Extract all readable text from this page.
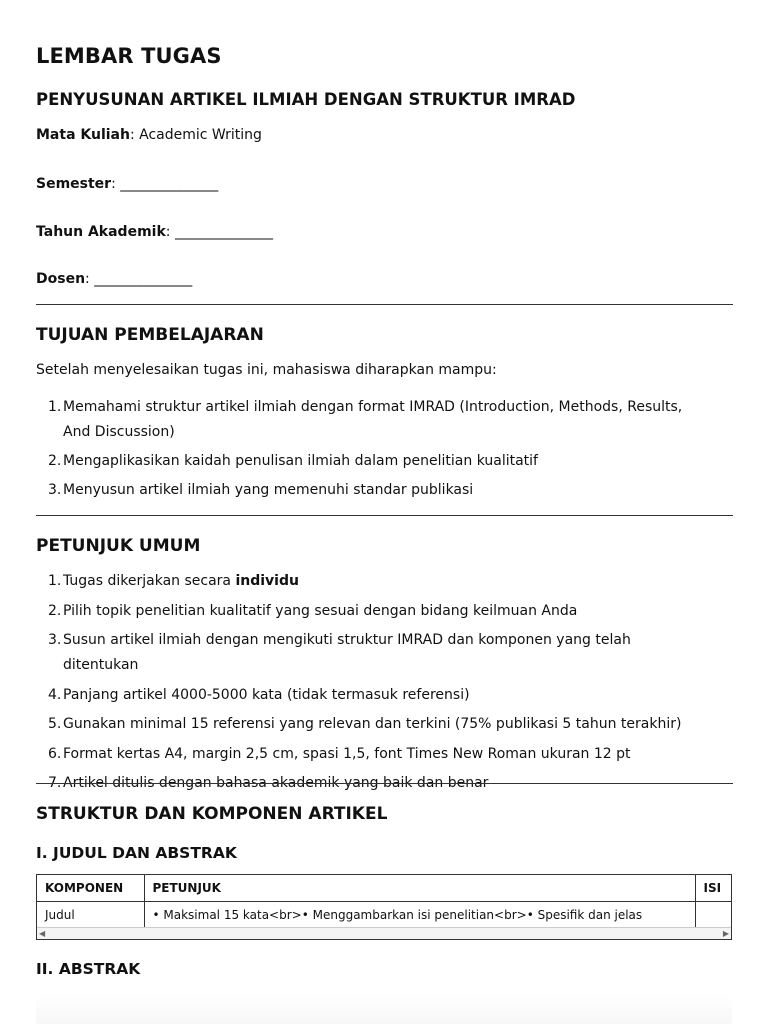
LEMBAR TUGAS
PENYUSUNAN ARTIKEL ILMIAH DENGAN STRUKTUR IMRAD
Mata Kuliah: Academic Writing
Semester: ______________
Tahun Akademik: ______________
Dosen: ______________
TUJUAN PEMBELAJARAN

Setelah menyelesaikan tugas ini, mahasiswa diharapkan mampu:

1. Memahami struktur artikel ilmiah dengan format IMRAD (Introduction, Methods, Results, And Discussion)
2. Mengaplikasikan kaidah penulisan ilmiah dalam penelitian kualitatif
3. Menyusun artikel ilmiah yang memenuhi standar publikasi
PETUNJUK UMUM
1. Tugas dikerjakan secara individu
2. Pilih topik penelitian kualitatif yang sesuai dengan bidang keilmuan Anda
3. Susun artikel ilmiah dengan mengikuti struktur IMRAD dan komponen yang telah ditentukan
4. Panjang artikel 4000-5000 kata (tidak termasuk referensi)
5. Gunakan minimal 15 referensi yang relevan dan terkini (75% publikasi 5 tahun terakhir)
6. Format kertas A4, margin 2,5 cm, spasi 1,5, font Times New Roman ukuran 12 pt
7. Artikel ditulis dengan bahasa akademik yang baik dan benar
STRUKTUR DAN KOMPONEN ARTIKEL
I. JUDUL DAN ABSTRAK
KOMPONEN	PETUNJUK	ISI
Judul	• Maksimal 15 kata<br>• Menggambarkan isi penelitian<br>• Spesifik dan jelas	
◀	▶
II. ABSTRAK
